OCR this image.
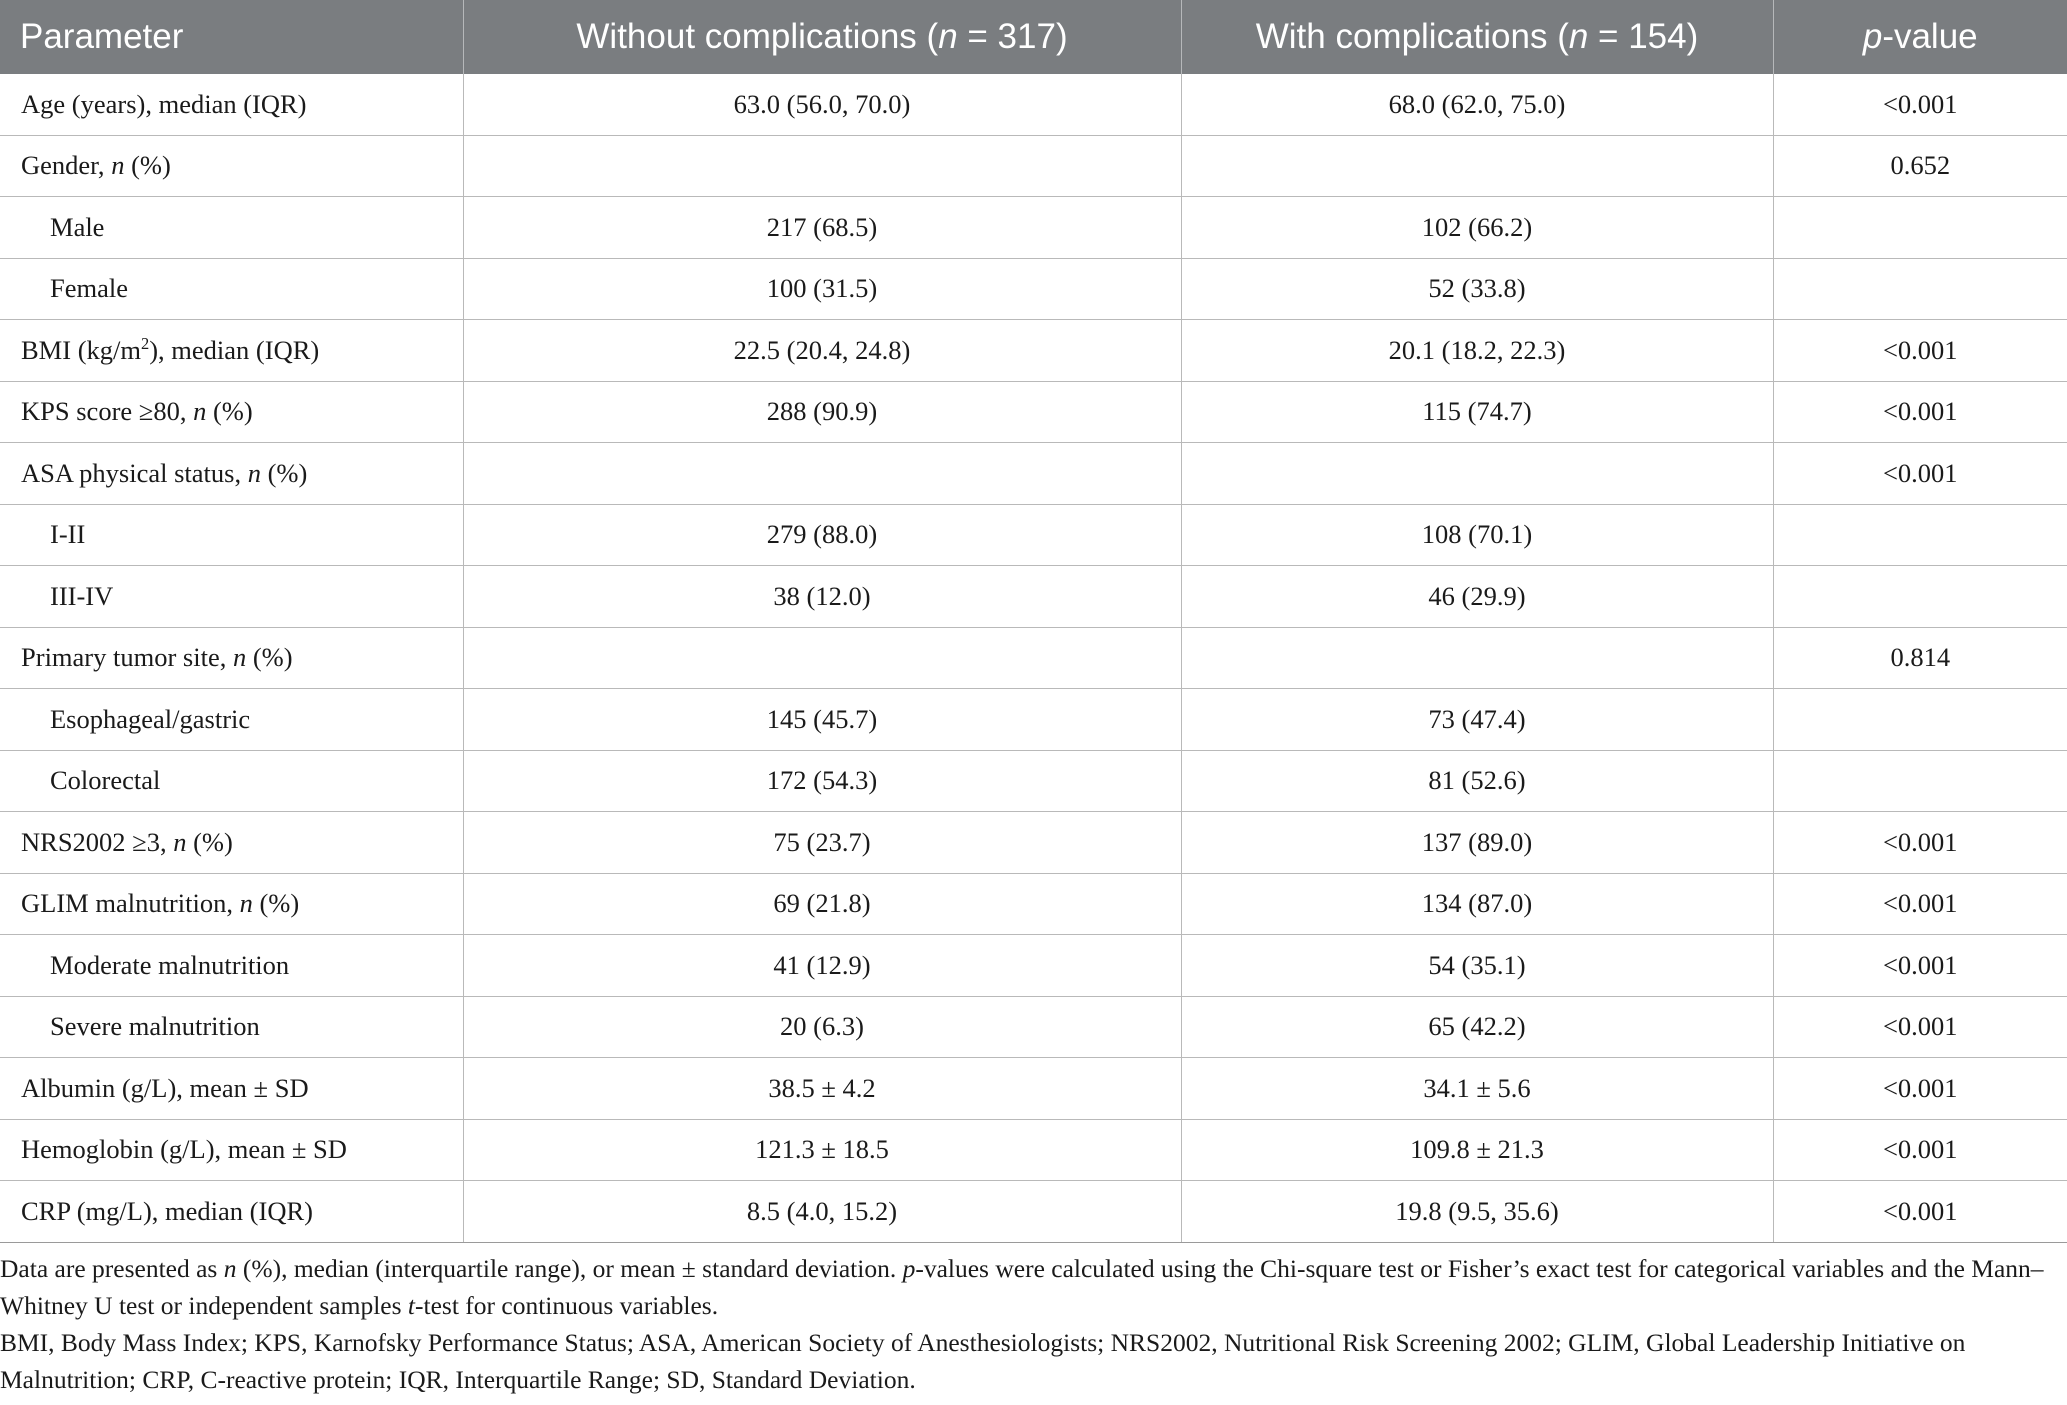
Parameter	Without complications (n = 317)	With complications (n = 154)	p-value
Age (years), median (IQR)	63.0 (56.0, 70.0)	68.0 (62.0, 75.0)	<0.001
Gender, n (%)			0.652
Male	217 (68.5)	102 (66.2)	
Female	100 (31.5)	52 (33.8)	
BMI $(kg/m^2)$, median (IQR)	22.5 (20.4, 24.8)	20.1 (18.2, 22.3)	<0.001
KPS score ≥80, n (%)	288 (90.9)	115 (74.7)	<0.001
ASA physical status, n (%)			<0.001
I-II	279 (88.0)	108 (70.1)	
III-IV	38 (12.0)	46 (29.9)	
Primary tumor site, n (%)			0.814
Esophageal/gastric	145 (45.7)	73 (47.4)	
Colorectal	172 (54.3)	81 (52.6)	
NRS2002 ≥3, n (%)	75 (23.7)	137 (89.0)	<0.001
GLIM malnutrition, n (%)	69 (21.8)	134 (87.0)	<0.001
Moderate malnutrition	41 (12.9)	54 (35.1)	<0.001
Severe malnutrition	20 (6.3)	65 (42.2)	<0.001
Albumin (g/L), mean ± SD	38.5 ± 4.2	34.1 ± 5.6	<0.001
Hemoglobin (g/L), mean ± SD	121.3 ± 18.5	109.8 ± 21.3	<0.001
CRP (mg/L), median (IQR)	8.5 (4.0, 15.2)	19.8 (9.5, 35.6)	<0.001

Data are presented as n (%), median (interquartile range), or mean ± standard deviation. p-values were calculated using the Chi-square test or Fisher’s exact test for categorical variables and the Mann–Whitney U test or independent samples t-test for continuous variables.

BMI, Body Mass Index; KPS, Karnofsky Performance Status; ASA, American Society of Anesthesiologists; NRS2002, Nutritional Risk Screening 2002; GLIM, Global Leadership Initiative on Malnutrition; CRP, C-reactive protein; IQR, Interquartile Range; SD, Standard Deviation.
